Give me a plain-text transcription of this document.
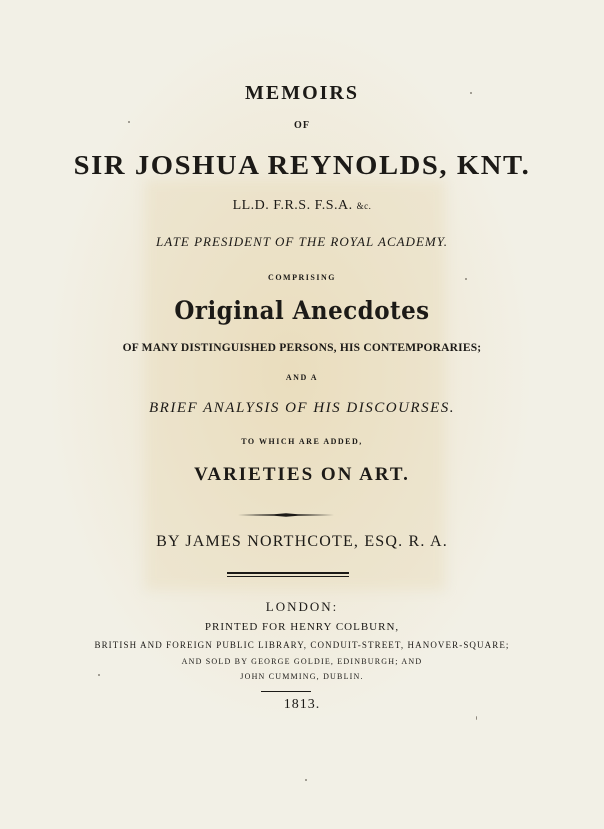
MEMOIRS
OF
SIR JOSHUA REYNOLDS, KNT.
LL.D. F.R.S. F.S.A. &c.
LATE PRESIDENT OF THE ROYAL ACADEMY.
COMPRISING
Original Anecdotes
OF MANY DISTINGUISHED PERSONS, HIS CONTEMPORARIES;
AND A
BRIEF ANALYSIS OF HIS DISCOURSES.
TO WHICH ARE ADDED,
VARIETIES ON ART.
BY JAMES NORTHCOTE, ESQ. R. A.
LONDON:
PRINTED FOR HENRY COLBURN,
BRITISH AND FOREIGN PUBLIC LIBRARY, CONDUIT-STREET, HANOVER-SQUARE;
AND SOLD BY GEORGE GOLDIE, EDINBURGH; AND
JOHN CUMMING, DUBLIN.
1813.
